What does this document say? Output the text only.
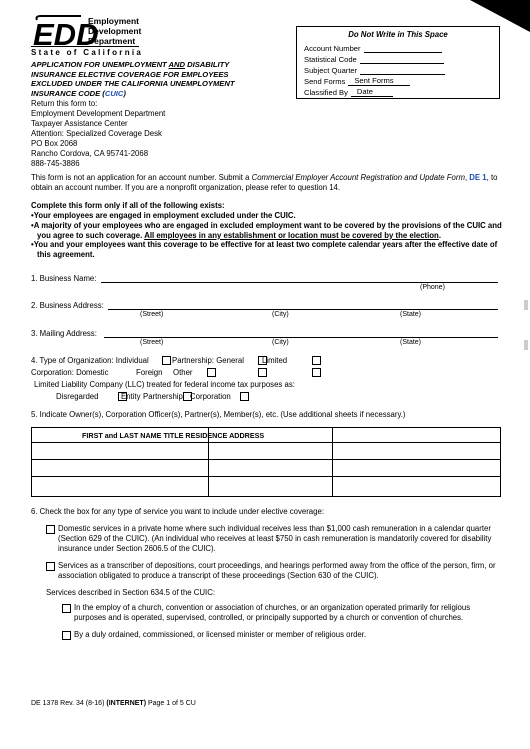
EDD
Employment
Development
Department
State of California
APPLICATION FOR UNEMPLOYMENT AND DISABILITY
INSURANCE ELECTIVE COVERAGE FOR EMPLOYEES
EXCLUDED UNDER THE CALIFORNIA UNEMPLOYMENT
INSURANCE CODE (CUIC)
Return this form to:
Employment Development Department
Taxpayer Assistance Center
Attention: Specialized Coverage Desk
PO Box 2068
Rancho Cordova, CA 95741-2068
888-745-3886
Do Not Write in This Space
Account Number
Statistical Code
Subject Quarter
Send Forms	Sent Forms
Classified By	Date
This form is not an application for an account number. Submit a Commercial Employer Account Registration and Update Form, DE 1, to
obtain an account number. If you are a nonprofit organization, please refer to question 14.
Complete this form only if all of the following exists:
•Your employees are engaged in employment excluded under the CUIC.
•A majority of your employees who are engaged in excluded employment want to be covered by the provisions of the CUIC and
you agree to such coverage. All employees in any establishment or location must be covered by the election.
•You and your employees want this coverage to be effective for at least two complete calendar years after the effective date of
this agreement.
1. Business Name:
(Phone)
2. Business Address:
(Street)	(City)	(State)
3. Mailing Address:
(Street)	(City)	(State)
4. Type of Organization: Individual	Partnership: General Limited
Corporation: Domestic	Foreign Other
Limited Liability Company (LLC) treated for federal income tax purposes as:
Disregarded	Entity Partnership Corporation
5. Indicate Owner(s), Corporation Officer(s), Partner(s), Member(s), etc. (Use additional sheets if necessary.)
FIRST and LAST NAME TITLE RESIDENCE ADDRESS
6. Check the box for any type of service you want to include under elective coverage:
Domestic services in a private home where such individual receives less than $1,000 cash remuneration in a calendar quarter
(Section 629 of the CUIC). (An individual who receives at least $750 in cash remuneration is mandatorily covered for disability
insurance under Section 2606.5 of the CUIC).
Services as a transcriber of depositions, court proceedings, and hearings performed away from the office of the person, firm, or
association obligated to produce a transcript of these proceedings (Section 630 of the CUIC).
Services described in Section 634.5 of the CUIC:
In the employ of a church, convention or association of churches, or an organization operated primarily for religious
purposes and is operated, supervised, controlled, or principally supported by a church or convention of churches.
By a duly ordained, commissioned, or licensed minister or member of religious order.
DE 1378 Rev. 34 (8-16) (INTERNET) Page 1 of 5 CU
